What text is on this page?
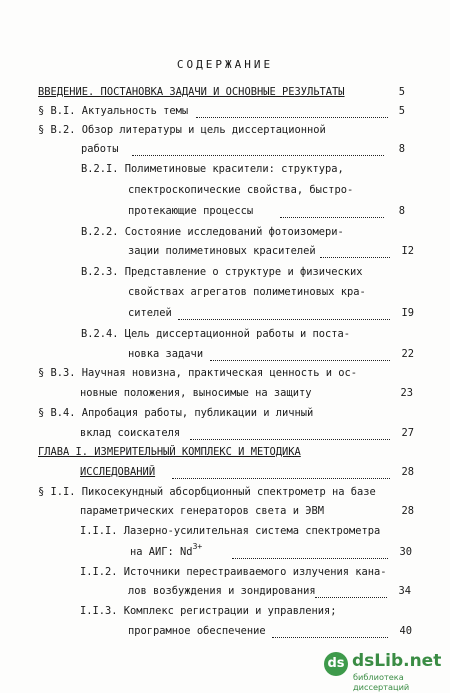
СОДЕРЖАНИЕ
ВВЕДЕНИЕ. ПОСТАНОВКА ЗАДАЧИ И ОСНОВНЫЕ РЕЗУЛЬТАТЫ	5
§ В.I. Актуальность темы	5
§ В.2. Обзор литературы и цель диссертационной
работы	8
В.2.I. Полиметиновые красители: структура,
спектроскопические свойства, быстро-
протекающие процессы	8
В.2.2. Состояние исследований фотоизомери-
зации полиметиновых красителей	I2
В.2.3. Представление о структуре и физических
свойствах агрегатов полиметиновых кра-
сителей	I9
В.2.4. Цель диссертационной работы и поста-
новка задачи	22
§ В.3. Научная новизна, практическая ценность и ос-
новные положения, выносимые на защиту	23
§ В.4. Апробация работы, публикации и личный
вклад соискателя	27
ГЛАВА I. ИЗМЕРИТЕЛЬНЫЙ КОМПЛЕКС И МЕТОДИКА
ИССЛЕДОВАНИЙ	28
§ I.I. Пикосекундный абсорбционный спектрометр на базе
параметрических генераторов света и ЭВМ	28
I.I.I. Лазерно-усилительная система спектрометра
на АИГ: $Nd^{3+}$	30
I.I.2. Источники перестраиваемого излучения кана-
лов возбуждения и зондирования	34
I.I.3. Комплекс регистрации и управления;
програмное обеспечение	40
ds dsLib.net
библиотека диссертаций
